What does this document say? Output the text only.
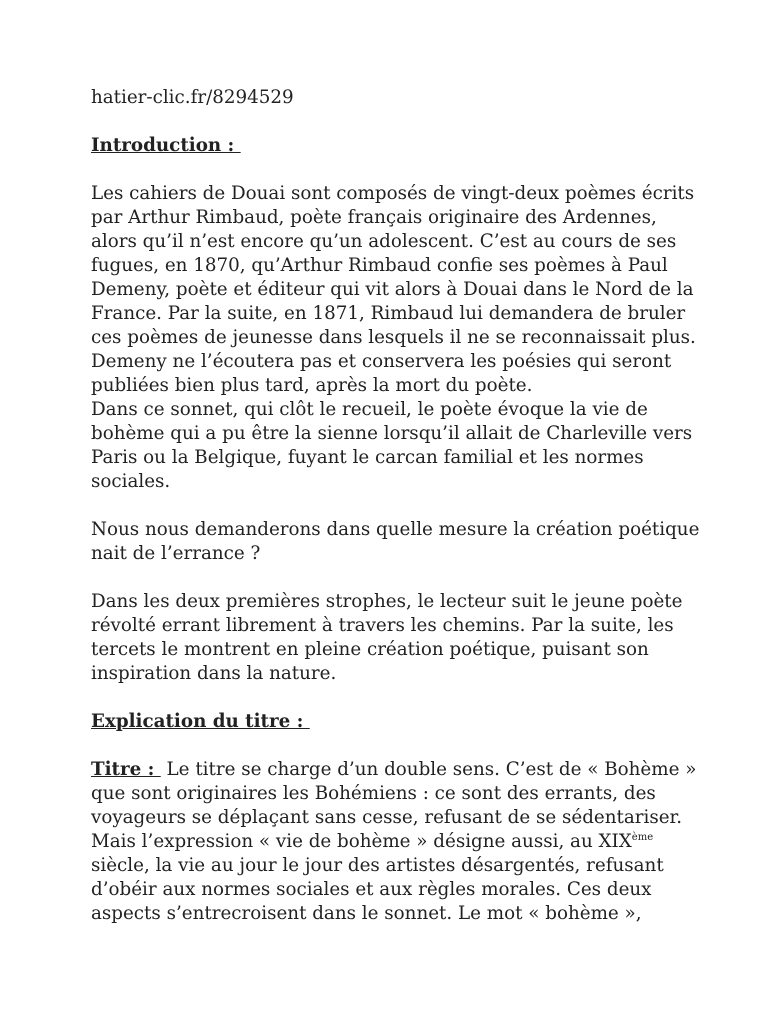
hatier-clic.fr/8294529
Introduction :
Les cahiers de Douai sont composés de vingt-deux poèmes écrits
par Arthur Rimbaud, poète français originaire des Ardennes,
alors qu’il n’est encore qu’un adolescent. C’est au cours de ses
fugues, en 1870, qu’Arthur Rimbaud confie ses poèmes à Paul
Demeny, poète et éditeur qui vit alors à Douai dans le Nord de la
France. Par la suite, en 1871, Rimbaud lui demandera de bruler
ces poèmes de jeunesse dans lesquels il ne se reconnaissait plus.
Demeny ne l’écoutera pas et conservera les poésies qui seront
publiées bien plus tard, après la mort du poète.
Dans ce sonnet, qui clôt le recueil, le poète évoque la vie de
bohème qui a pu être la sienne lorsqu’il allait de Charleville vers
Paris ou la Belgique, fuyant le carcan familial et les normes
sociales.
Nous nous demanderons dans quelle mesure la création poétique
nait de l’errance ?
Dans les deux premières strophes, le lecteur suit le jeune poète
révolté errant librement à travers les chemins. Par la suite, les
tercets le montrent en pleine création poétique, puisant son
inspiration dans la nature.
Explication du titre :
Titre :  Le titre se charge d’un double sens. C’est de « Bohème »
que sont originaires les Bohémiens : ce sont des errants, des
voyageurs se déplaçant sans cesse, refusant de se sédentariser.
Mais l’expression « vie de bohème » désigne aussi, au XIXème
siècle, la vie au jour le jour des artistes désargentés, refusant
d’obéir aux normes sociales et aux règles morales. Ces deux
aspects s’entrecroisent dans le sonnet. Le mot « bohème »,
